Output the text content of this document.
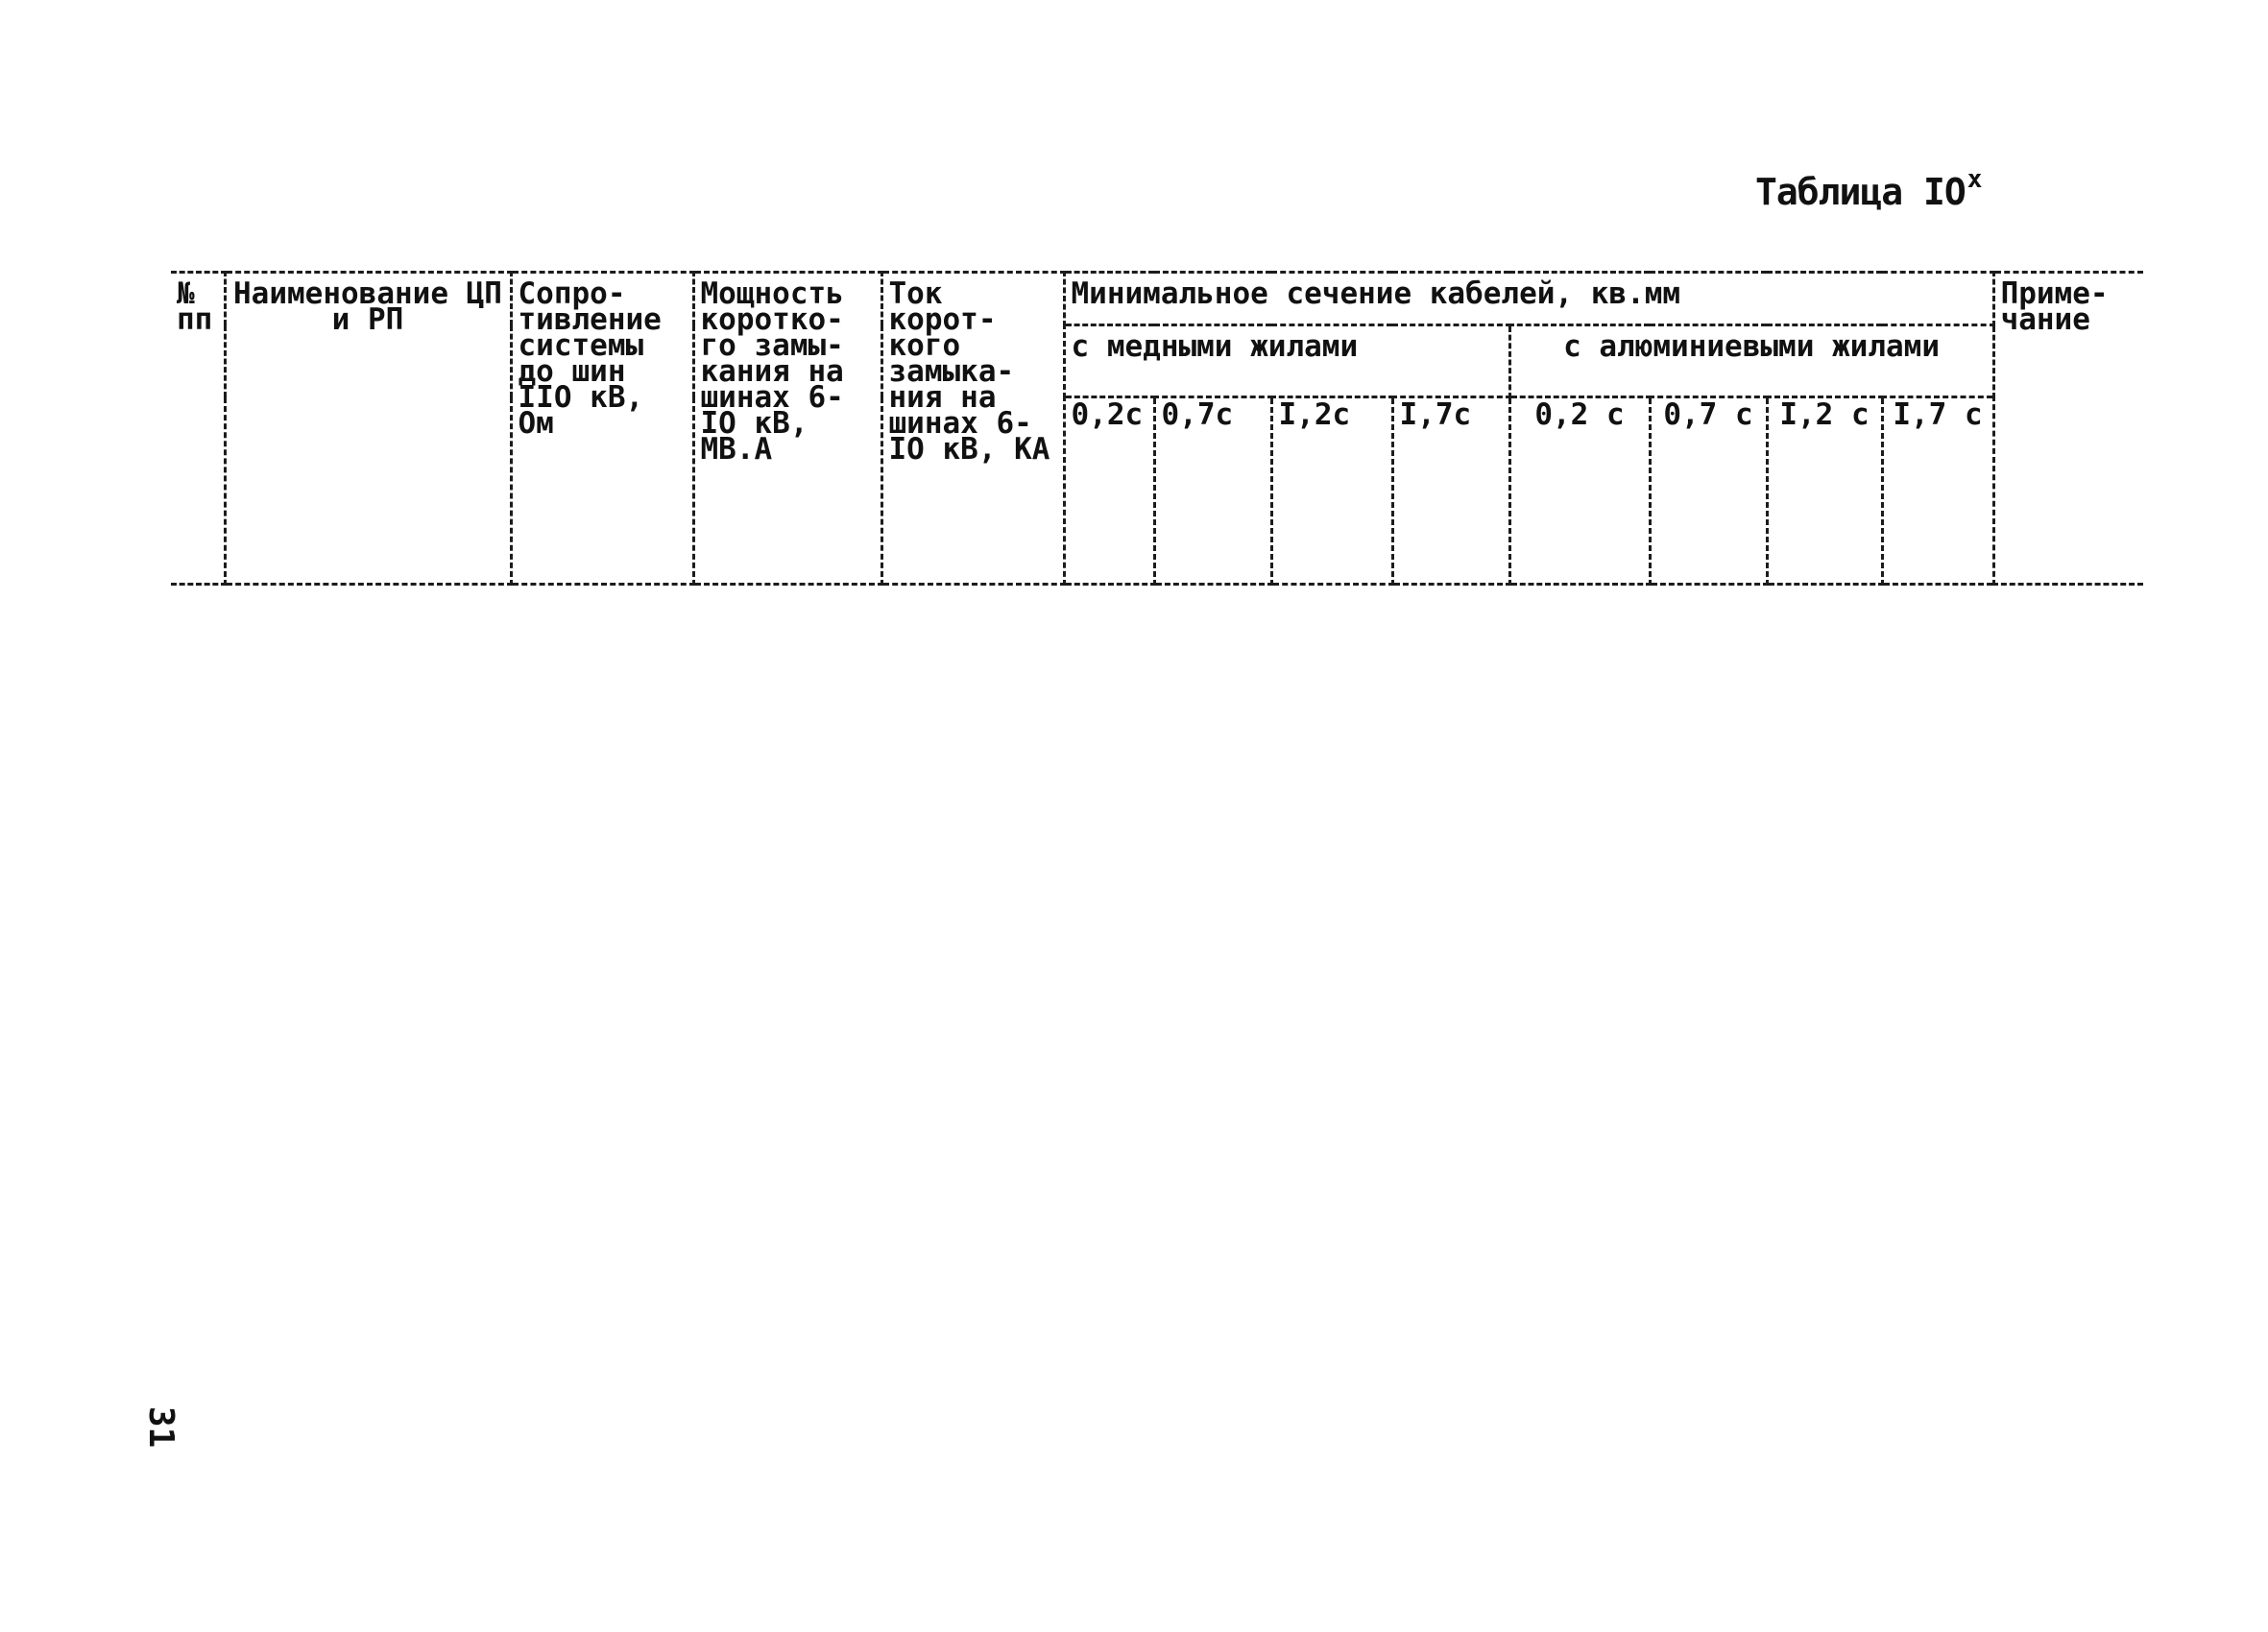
Таблица $IO^x$
№ пп	Наименование ЦП и РП	Сопро-тивление системы до шин IIO кВ, Ом	Мощность коротко-го замы-кания на шинах 6-IO кВ, МВ.А	Ток корот-кого замыка-ния на шинах 6-IO кВ, КА	Минимальное сечение кабелей, кв.мм								Приме-чание
					с медными жилами				с алюминиевыми жилами				
					0,2с	0,7с	I,2с	I,7с	0,2 с	0,7 с	I,2 с	I,7 с	
31
